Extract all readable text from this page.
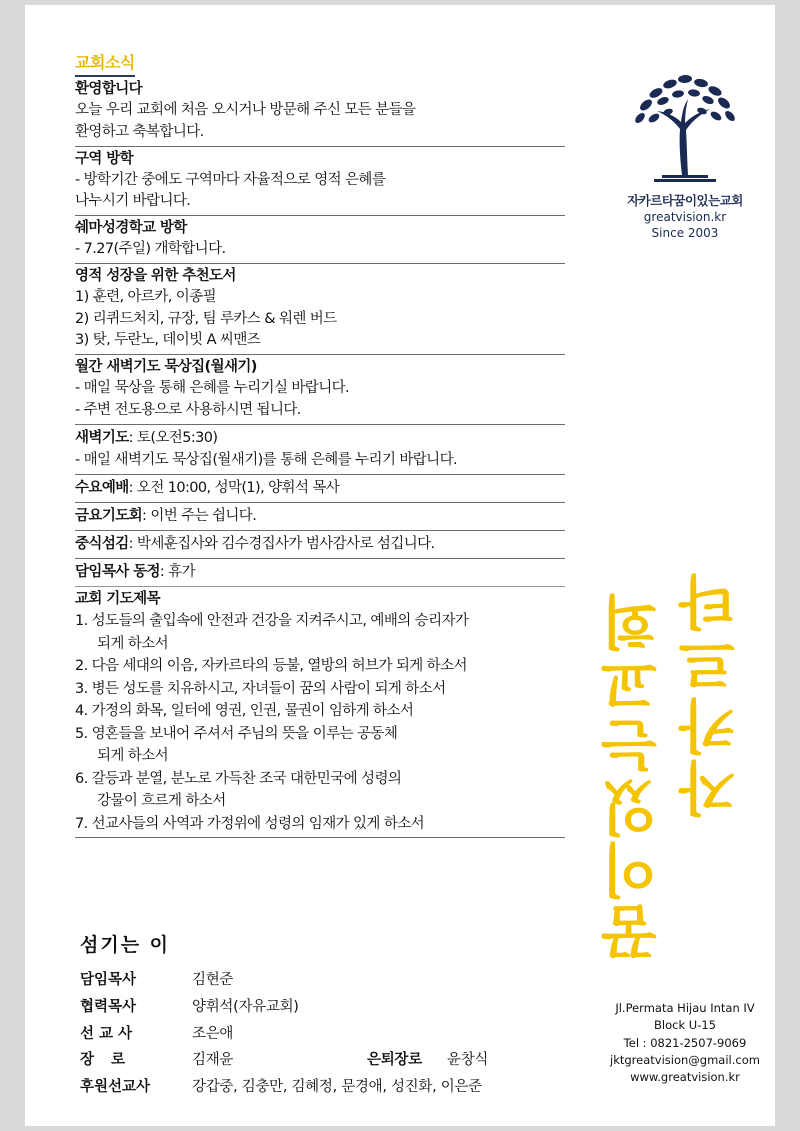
교회소식
환영합니다
오늘 우리 교회에 처음 오시거나 방문해 주신 모든 분들을
환영하고 축복합니다.
구역 방학
- 방학기간 중에도 구역마다 자율적으로 영적 은혜를
나누시기 바랍니다.
쉐마성경학교 방학
- 7.27(주일) 개학합니다.
영적 성장을 위한 추천도서
1) 훈련, 아르카, 이종필
2) 리퀴드처치, 규장, 팀 루카스 & 워렌 버드
3) 탓, 두란노, 데이빗 A 씨맨즈
월간 새벽기도 묵상집(월새기)
- 매일 묵상을 통해 은혜를 누리기실 바랍니다.
- 주변 전도용으로 사용하시면 됩니다.
새벽기도: 토(오전5:30)
- 매일 새벽기도 묵상집(월새기)를 통해 은혜를 누리기 바랍니다.
수요예배: 오전 10:00, 성막(1), 양휘석 목사
금요기도회: 이번 주는 쉽니다.
중식섬김: 박세훈집사와 김수경집사가 범사감사로 섬깁니다.
담임목사 동정: 휴가
교회 기도제목
1. 성도들의 출입속에 안전과 건강을 지켜주시고, 예배의 승리자가
되게 하소서
2. 다음 세대의 이음, 자카르타의 등불, 열방의 허브가 되게 하소서
3. 병든 성도를 치유하시고, 자녀들이 꿈의 사람이 되게 하소서
4. 가정의 화목, 일터에 영권, 인권, 물권이 임하게 하소서
5. 영혼들을 보내어 주셔서 주님의 뜻을 이루는 공동체
되게 하소서
6. 갈등과 분열, 분노로 가득찬 조국 대한민국에 성령의
강물이 흐르게 하소서
7. 선교사들의 사역과 가정위에 성령의 임재가 있게 하소서
섬기는 이
담임목사	김현준
협력목사	양휘석(자유교회)
선 교 사	조은애
장 로	김재윤	은퇴장로	윤창식
후원선교사	강갑중, 김충만, 김혜정, 문경애, 성진화, 이은준
자카르타꿈이있는교회
greatvision.kr
Since 2003
자카르타
꿈이있는교회
Jl.Permata Hijau Intan IV
Block U-15
Tel : 0821-2507-9069
jktgreatvision@gmail.com
www.greatvision.kr
